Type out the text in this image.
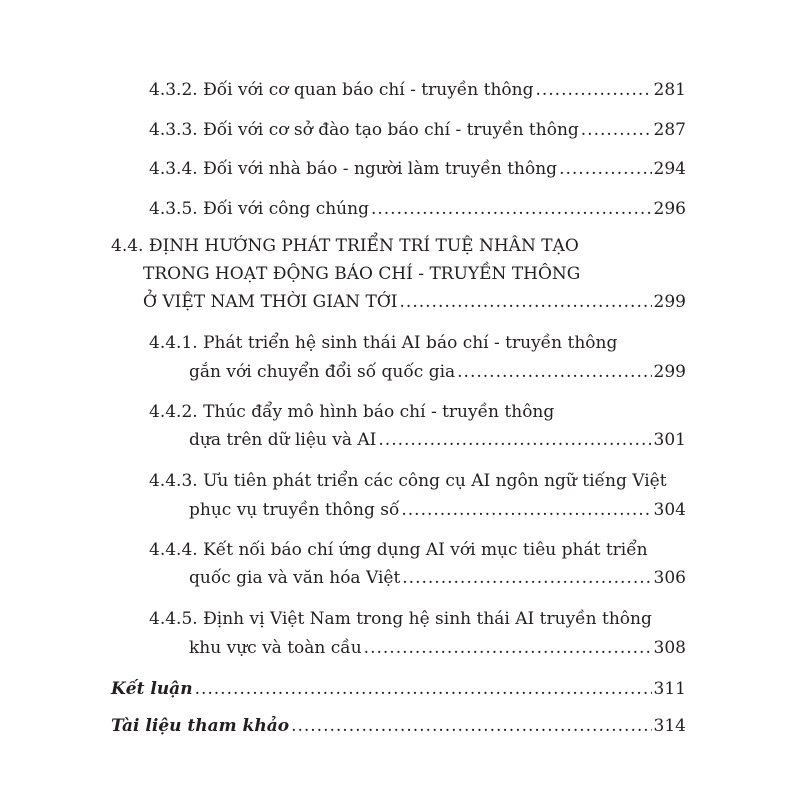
4.3.2. Đối với cơ quan báo chí - truyền thông .....	281
4.3.3. Đối với cơ sở đào tạo báo chí - truyền thông .....	287
4.3.4. Đối với nhà báo - người làm truyền thông .....	294
4.3.5. Đối với công chúng .....	296
4.4. ĐỊNH HƯỚNG PHÁT TRIỂN TRÍ TUỆ NHÂN TẠO
TRONG HOẠT ĐỘNG BÁO CHÍ - TRUYỀN THÔNG
Ở VIỆT NAM THỜI GIAN TỚI .....	299
4.4.1. Phát triển hệ sinh thái AI báo chí - truyền thông
gắn với chuyển đổi số quốc gia .....	299
4.4.2. Thúc đẩy mô hình báo chí - truyền thông
dựa trên dữ liệu và AI .....	301
4.4.3. Ưu tiên phát triển các công cụ AI ngôn ngữ tiếng Việt
phục vụ truyền thông số .....	304
4.4.4. Kết nối báo chí ứng dụng AI với mục tiêu phát triển
quốc gia và văn hóa Việt .....	306
4.4.5. Định vị Việt Nam trong hệ sinh thái AI truyền thông
khu vực và toàn cầu .....	308
Kết luận .....	311
Tài liệu tham khảo .....	314
